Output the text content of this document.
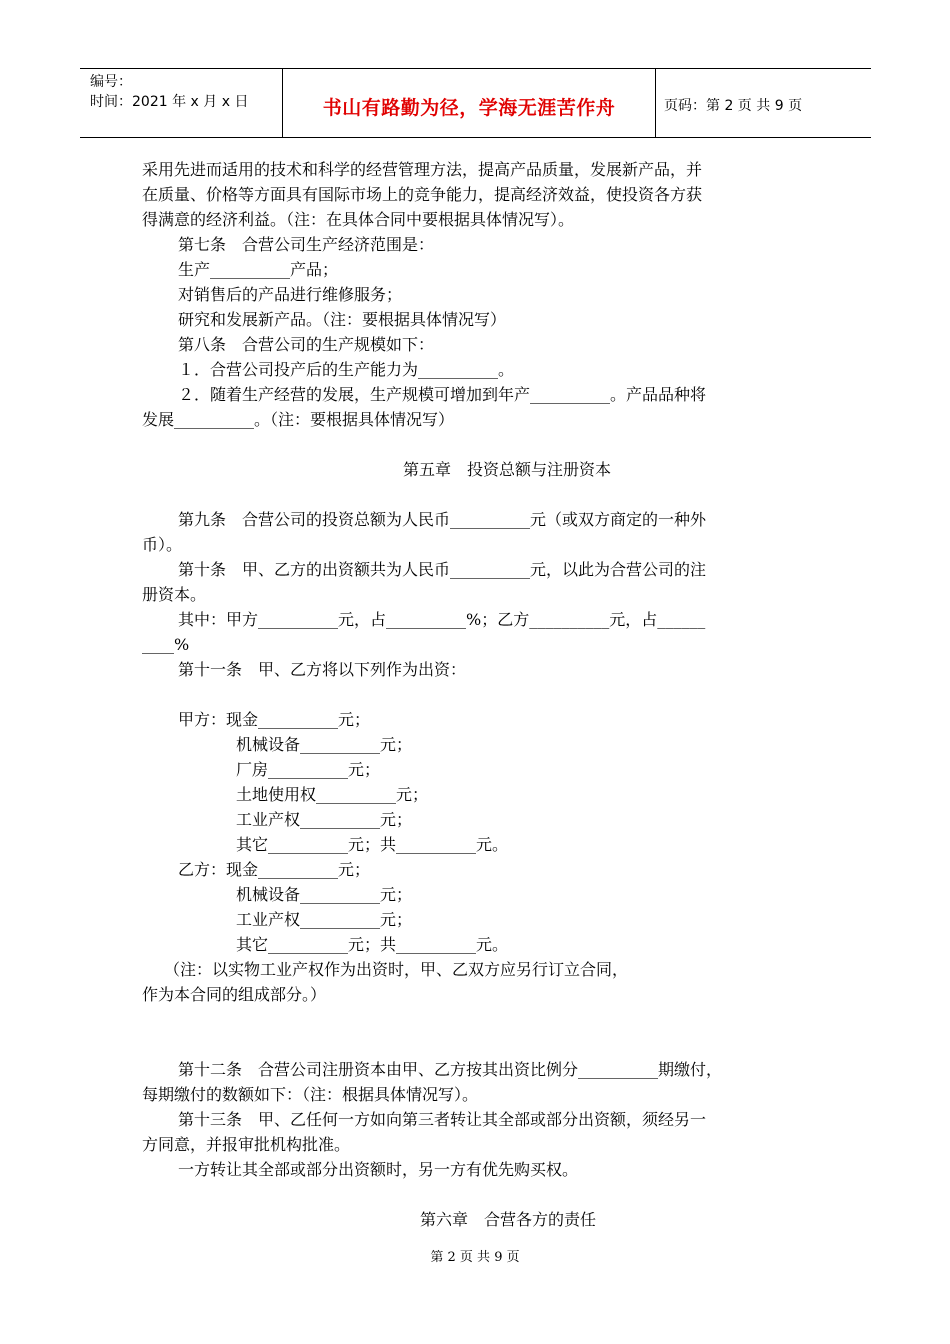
编号：
时间：2021 年 x 月 x 日	书山有路勤为径，学海无涯苦作舟	页码：第 2 页 共 9 页
采用先进而适用的技术和科学的经营管理方法，提高产品质量，发展新产品，并
在质量、价格等方面具有国际市场上的竞争能力，提高经济效益，使投资各方获
得满意的经济利益。（注：在具体合同中要根据具体情况写）。
第七条　合营公司生产经济范围是：
生产__________产品；
对销售后的产品进行维修服务；
研究和发展新产品。（注：要根据具体情况写）
第八条　合营公司的生产规模如下：
１．合营公司投产后的生产能力为__________。
２．随着生产经营的发展，生产规模可增加到年产__________。产品品种将
发展__________。（注：要根据具体情况写）
第五章　投资总额与注册资本
第九条　合营公司的投资总额为人民币__________元（或双方商定的一种外
币）。
第十条　甲、乙方的出资额共为人民币__________元，以此为合营公司的注
册资本。
其中：甲方__________元，占__________%；乙方__________元，占______
____%
第十一条　甲、乙方将以下列作为出资：
甲方：现金__________元；
机械设备__________元；
厂房__________元；
土地使用权__________元；
工业产权__________元；
其它__________元；共__________元。
乙方：现金__________元；
机械设备__________元；
工业产权__________元；
其它__________元；共__________元。
（注：以实物工业产权作为出资时，甲、乙双方应另行订立合同，
作为本合同的组成部分。）
第十二条　合营公司注册资本由甲、乙方按其出资比例分__________期缴付，
每期缴付的数额如下：（注：根据具体情况写）。
第十三条　甲、乙任何一方如向第三者转让其全部或部分出资额，须经另一
方同意，并报审批机构批准。
一方转让其全部或部分出资额时，另一方有优先购买权。
第六章　合营各方的责任
第 2 页 共 9 页
